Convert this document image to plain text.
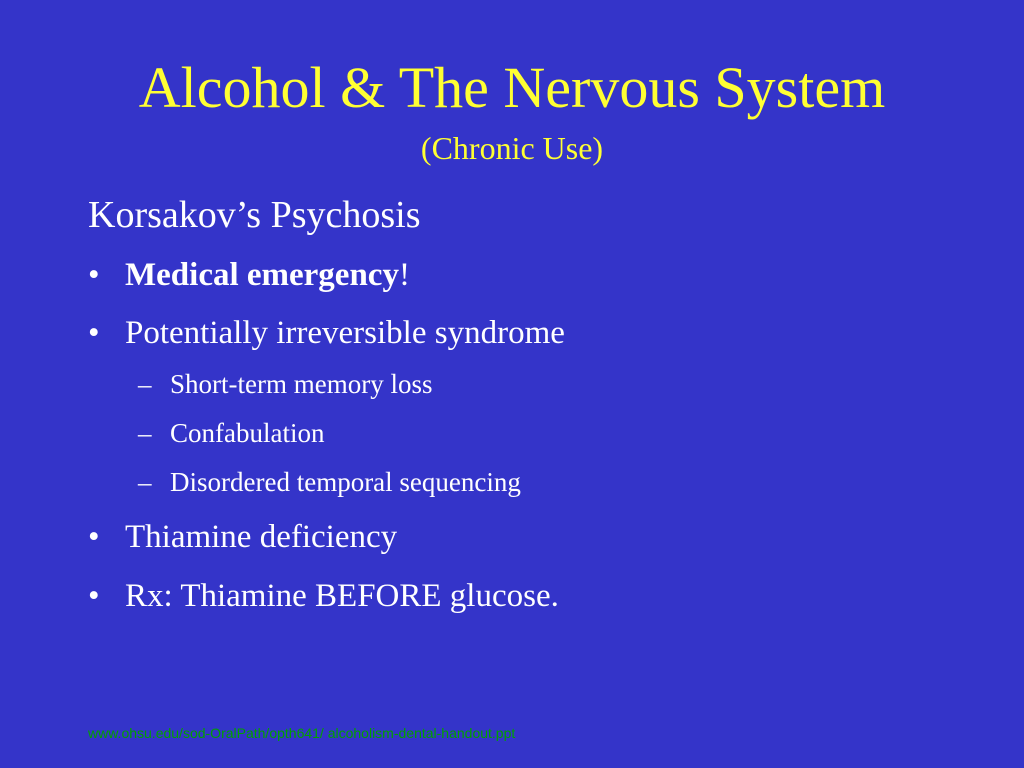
Alcohol & The Nervous System
(Chronic Use)
Korsakov’s Psychosis
• Medical emergency!
• Potentially irreversible syndrome
– Short-term memory loss
– Confabulation
– Disordered temporal sequencing
• Thiamine deficiency
• Rx: Thiamine BEFORE glucose.
www.ohsu.edu/sod-OralPath/opth641/ alcoholism-dental-handout.ppt
